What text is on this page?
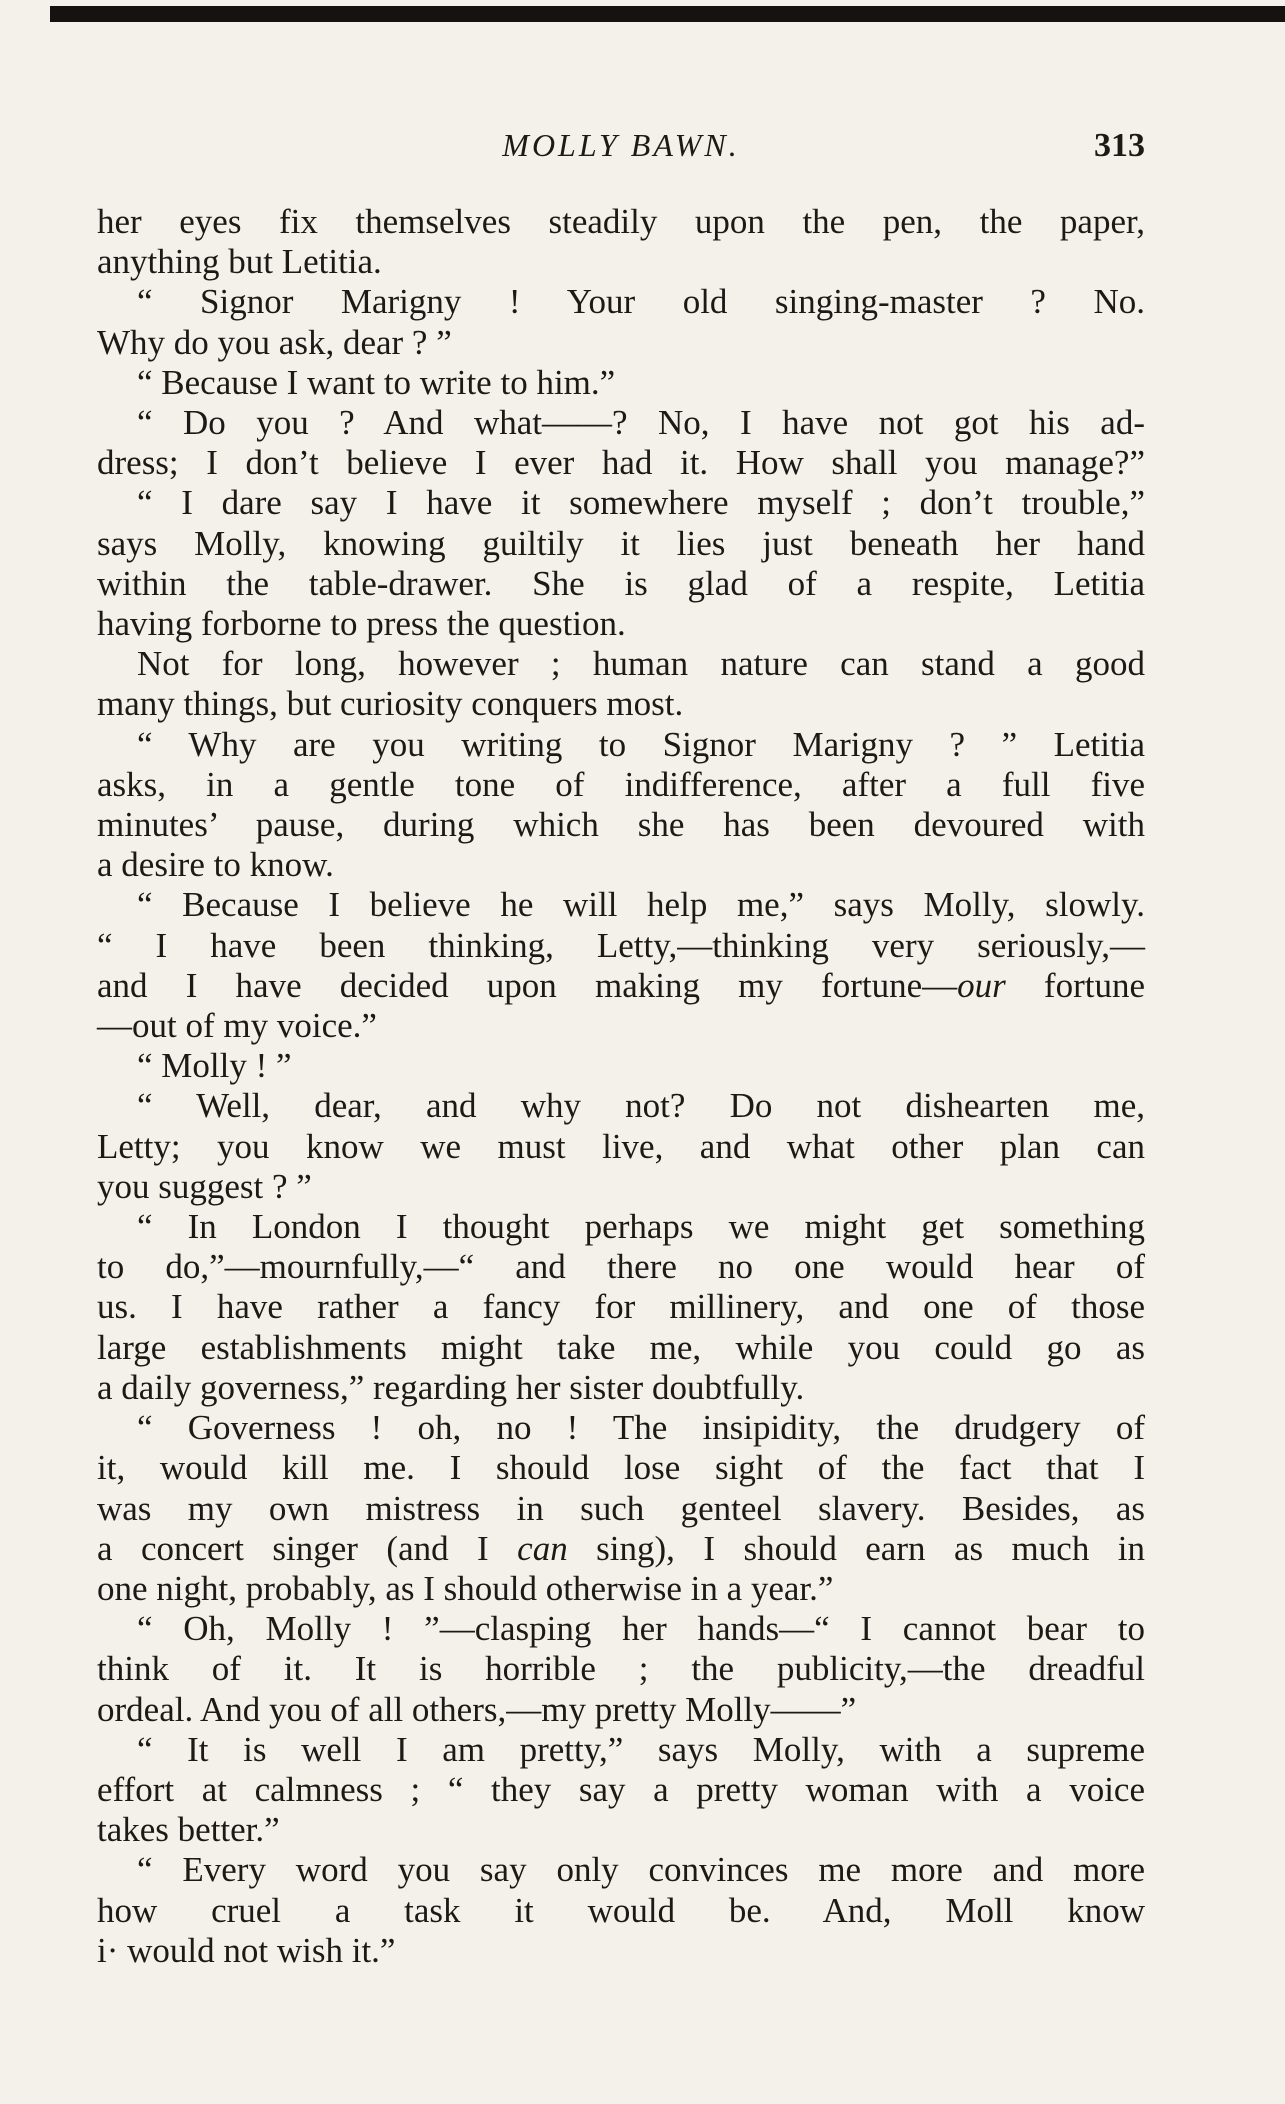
MOLLY BAWN.	313
her eyes fix themselves steadily upon the pen, the paper,
anything but Letitia.
“ Signor Marigny ! Your old singing-master ? No.
Why do you ask, dear ? ”
“ Because I want to write to him.”
“ Do you ? And what——? No, I have not got his ad-
dress; I don’t believe I ever had it. How shall you manage?”
“ I dare say I have it somewhere myself ; don’t trouble,”
says Molly, knowing guiltily it lies just beneath her hand
within the table-drawer. She is glad of a respite, Letitia
having forborne to press the question.
Not for long, however ; human nature can stand a good
many things, but curiosity conquers most.
“ Why are you writing to Signor Marigny ? ” Letitia
asks, in a gentle tone of indifference, after a full five
minutes’ pause, during which she has been devoured with
a desire to know.
“ Because I believe he will help me,” says Molly, slowly.
“ I have been thinking, Letty,—thinking very seriously,—
and I have decided upon making my fortune—our fortune
—out of my voice.”
“ Molly ! ”
“ Well, dear, and why not? Do not dishearten me,
Letty; you know we must live, and what other plan can
you suggest ? ”
“ In London I thought perhaps we might get something
to do,”—mournfully,—“ and there no one would hear of
us. I have rather a fancy for millinery, and one of those
large establishments might take me, while you could go as
a daily governess,” regarding her sister doubtfully.
“ Governess ! oh, no ! The insipidity, the drudgery of
it, would kill me. I should lose sight of the fact that I
was my own mistress in such genteel slavery. Besides, as
a concert singer (and I can sing), I should earn as much in
one night, probably, as I should otherwise in a year.”
“ Oh, Molly ! ”—clasping her hands—“ I cannot bear to
think of it. It is horrible ; the publicity,—the dreadful
ordeal. And you of all others,—my pretty Molly——”
“ It is well I am pretty,” says Molly, with a supreme
effort at calmness ; “ they say a pretty woman with a voice
takes better.”
“ Every word you say only convinces me more and more
how cruel a task it would be. And, Moll know
i· would not wish it.”
